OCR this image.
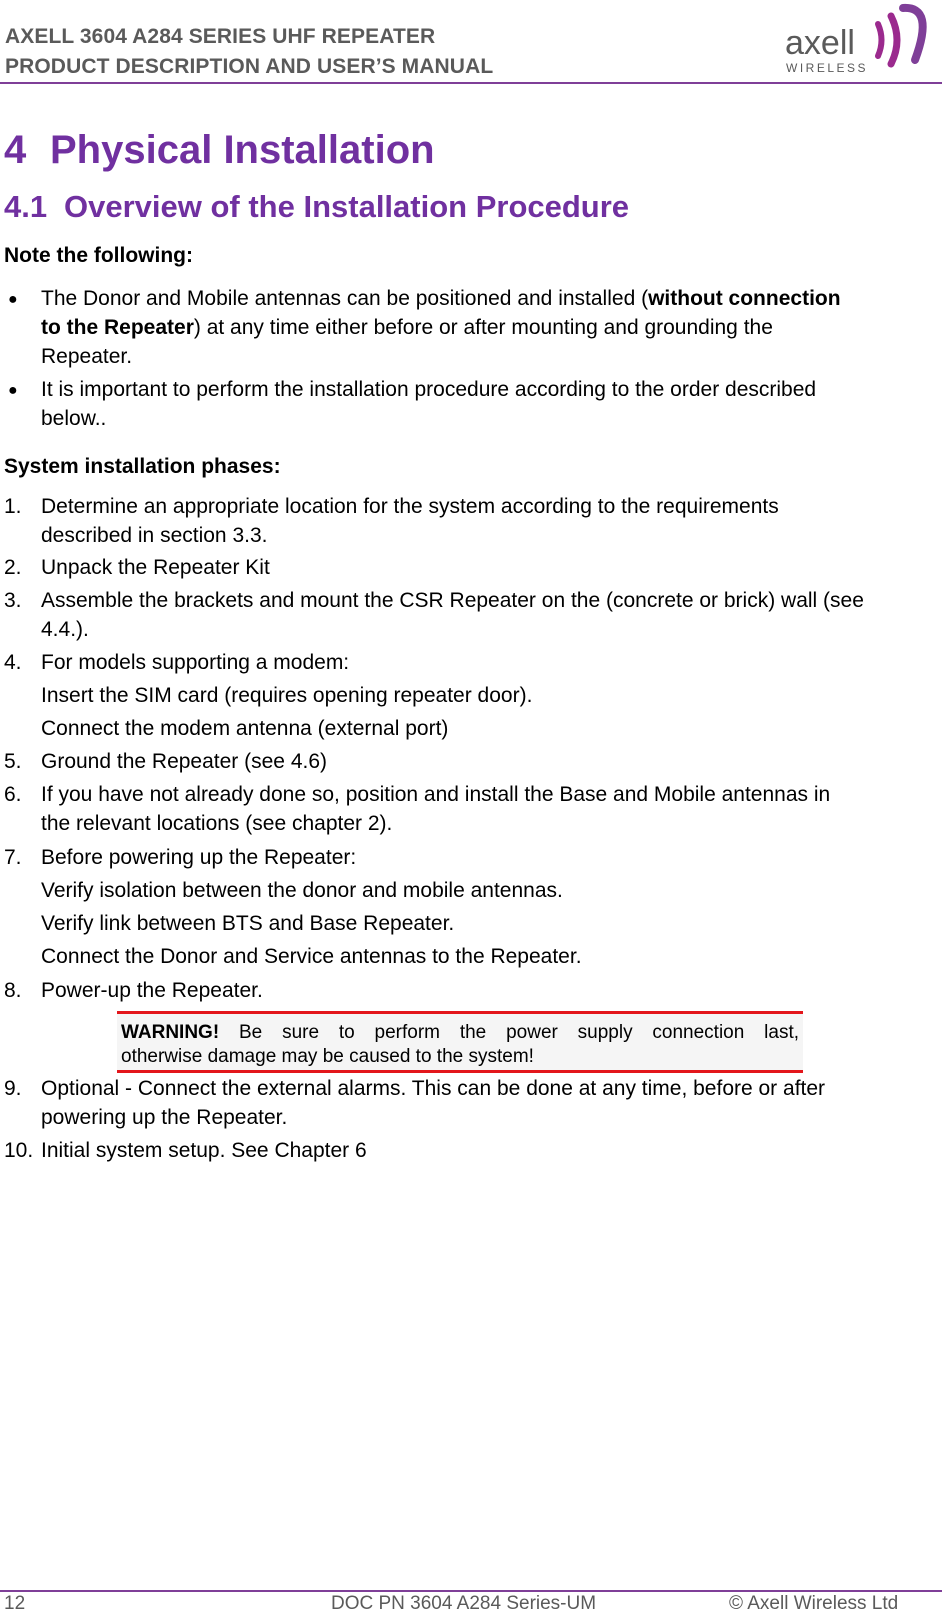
AXELL 3604 A284 SERIES UHF REPEATER
PRODUCT DESCRIPTION AND USER’S MANUAL
axell
WIRELESS
4 Physical Installation
4.1 Overview of the Installation Procedure
Note the following:
● The Donor and Mobile antennas can be positioned and installed (without connection
to the Repeater) at any time either before or after mounting and grounding the
Repeater.
● It is important to perform the installation procedure according to the order described
below..
System installation phases:
1. Determine an appropriate location for the system according to the requirements
described in section 3.3.
2. Unpack the Repeater Kit
3. Assemble the brackets and mount the CSR Repeater on the (concrete or brick) wall (see
4.4.).
4. For models supporting a modem:
Insert the SIM card (requires opening repeater door).
Connect the modem antenna (external port)
5. Ground the Repeater (see 4.6)
6. If you have not already done so, position and install the Base and Mobile antennas in
the relevant locations (see chapter 2).
7. Before powering up the Repeater:
Verify isolation between the donor and mobile antennas.
Verify link between BTS and Base Repeater.
Connect the Donor and Service antennas to the Repeater.
8. Power-up the Repeater.
WARNING! Be sure to perform the power supply connection last,
otherwise damage may be caused to the system!
9. Optional - Connect the external alarms. This can be done at any time, before or after
powering up the Repeater.
10. Initial system setup. See Chapter 6
12	DOC PN 3604 A284 Series-UM	© Axell Wireless Ltd
